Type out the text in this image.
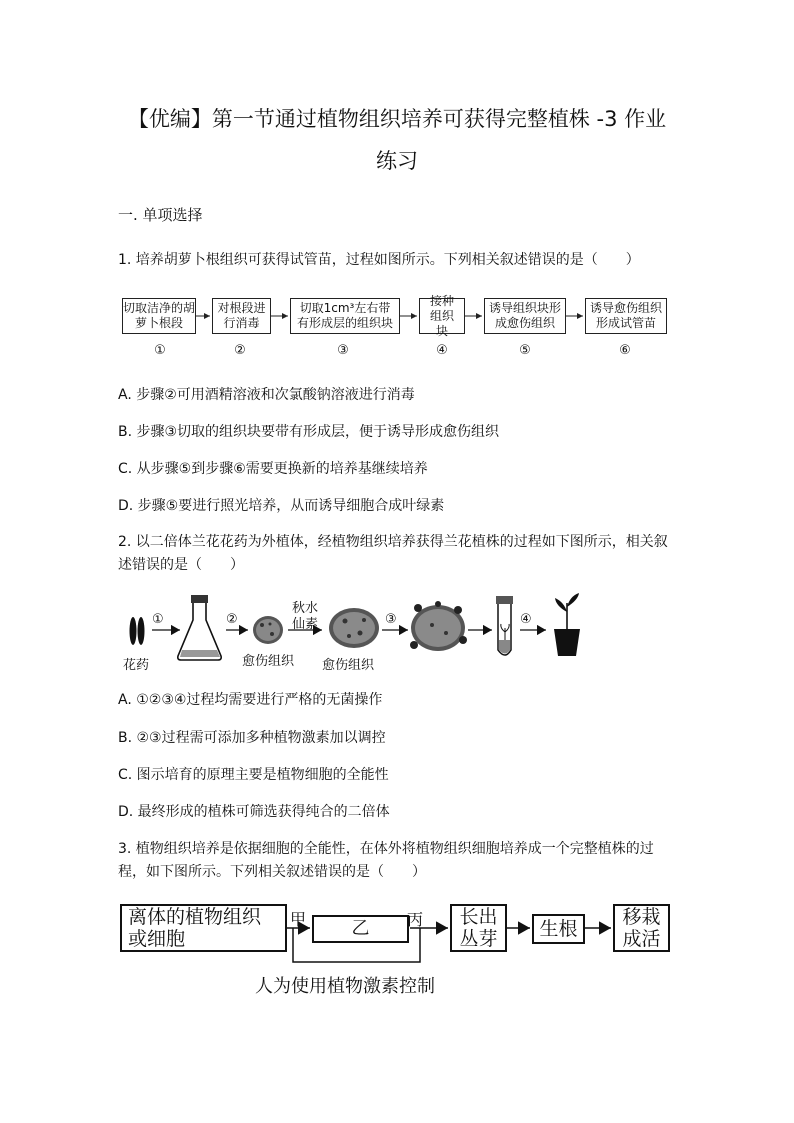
【优编】第一节通过植物组织培养可获得完整植株 -3 作业
练习
一. 单项选择
1. 培养胡萝卜根组织可获得试管苗，过程如图所示。下列相关叙述错误的是（　　）
切取洁净的胡萝卜根段
对根段进行消毒
切取1cm³左右带有形成层的组织块
接种组织块
诱导组织块形成愈伤组织
诱导愈伤组织形成试管苗
①	②	③	④	⑤	⑥
A. 步骤②可用酒精溶液和次氯酸钠溶液进行消毒
B. 步骤③切取的组织块要带有形成层，便于诱导形成愈伤组织
C. 从步骤⑤到步骤⑥需要更换新的培养基继续培养
D. 步骤⑤要进行照光培养，从而诱导细胞合成叶绿素
2. 以二倍体兰花花药为外植体，经植物组织培养获得兰花植株的过程如下图所示，相关叙述错误的是（　　）
①	②	③	④
秋水
仙素
花药	愈伤组织 愈伤组织
A. ①②③④过程均需要进行严格的无菌操作
B. ②③过程需可添加多种植物激素加以调控
C. 图示培育的原理主要是植物细胞的全能性
D. 最终形成的植株可筛选获得纯合的二倍体
3. 植物组织培养是依据细胞的全能性，在体外将植物组织细胞培养成一个完整植株的过程，如下图所示。下列相关叙述错误的是（　　）
离体的植物组织
或细胞
甲	乙	丙 长出
丛芽	生根
移栽
成活
人为使用植物激素控制
